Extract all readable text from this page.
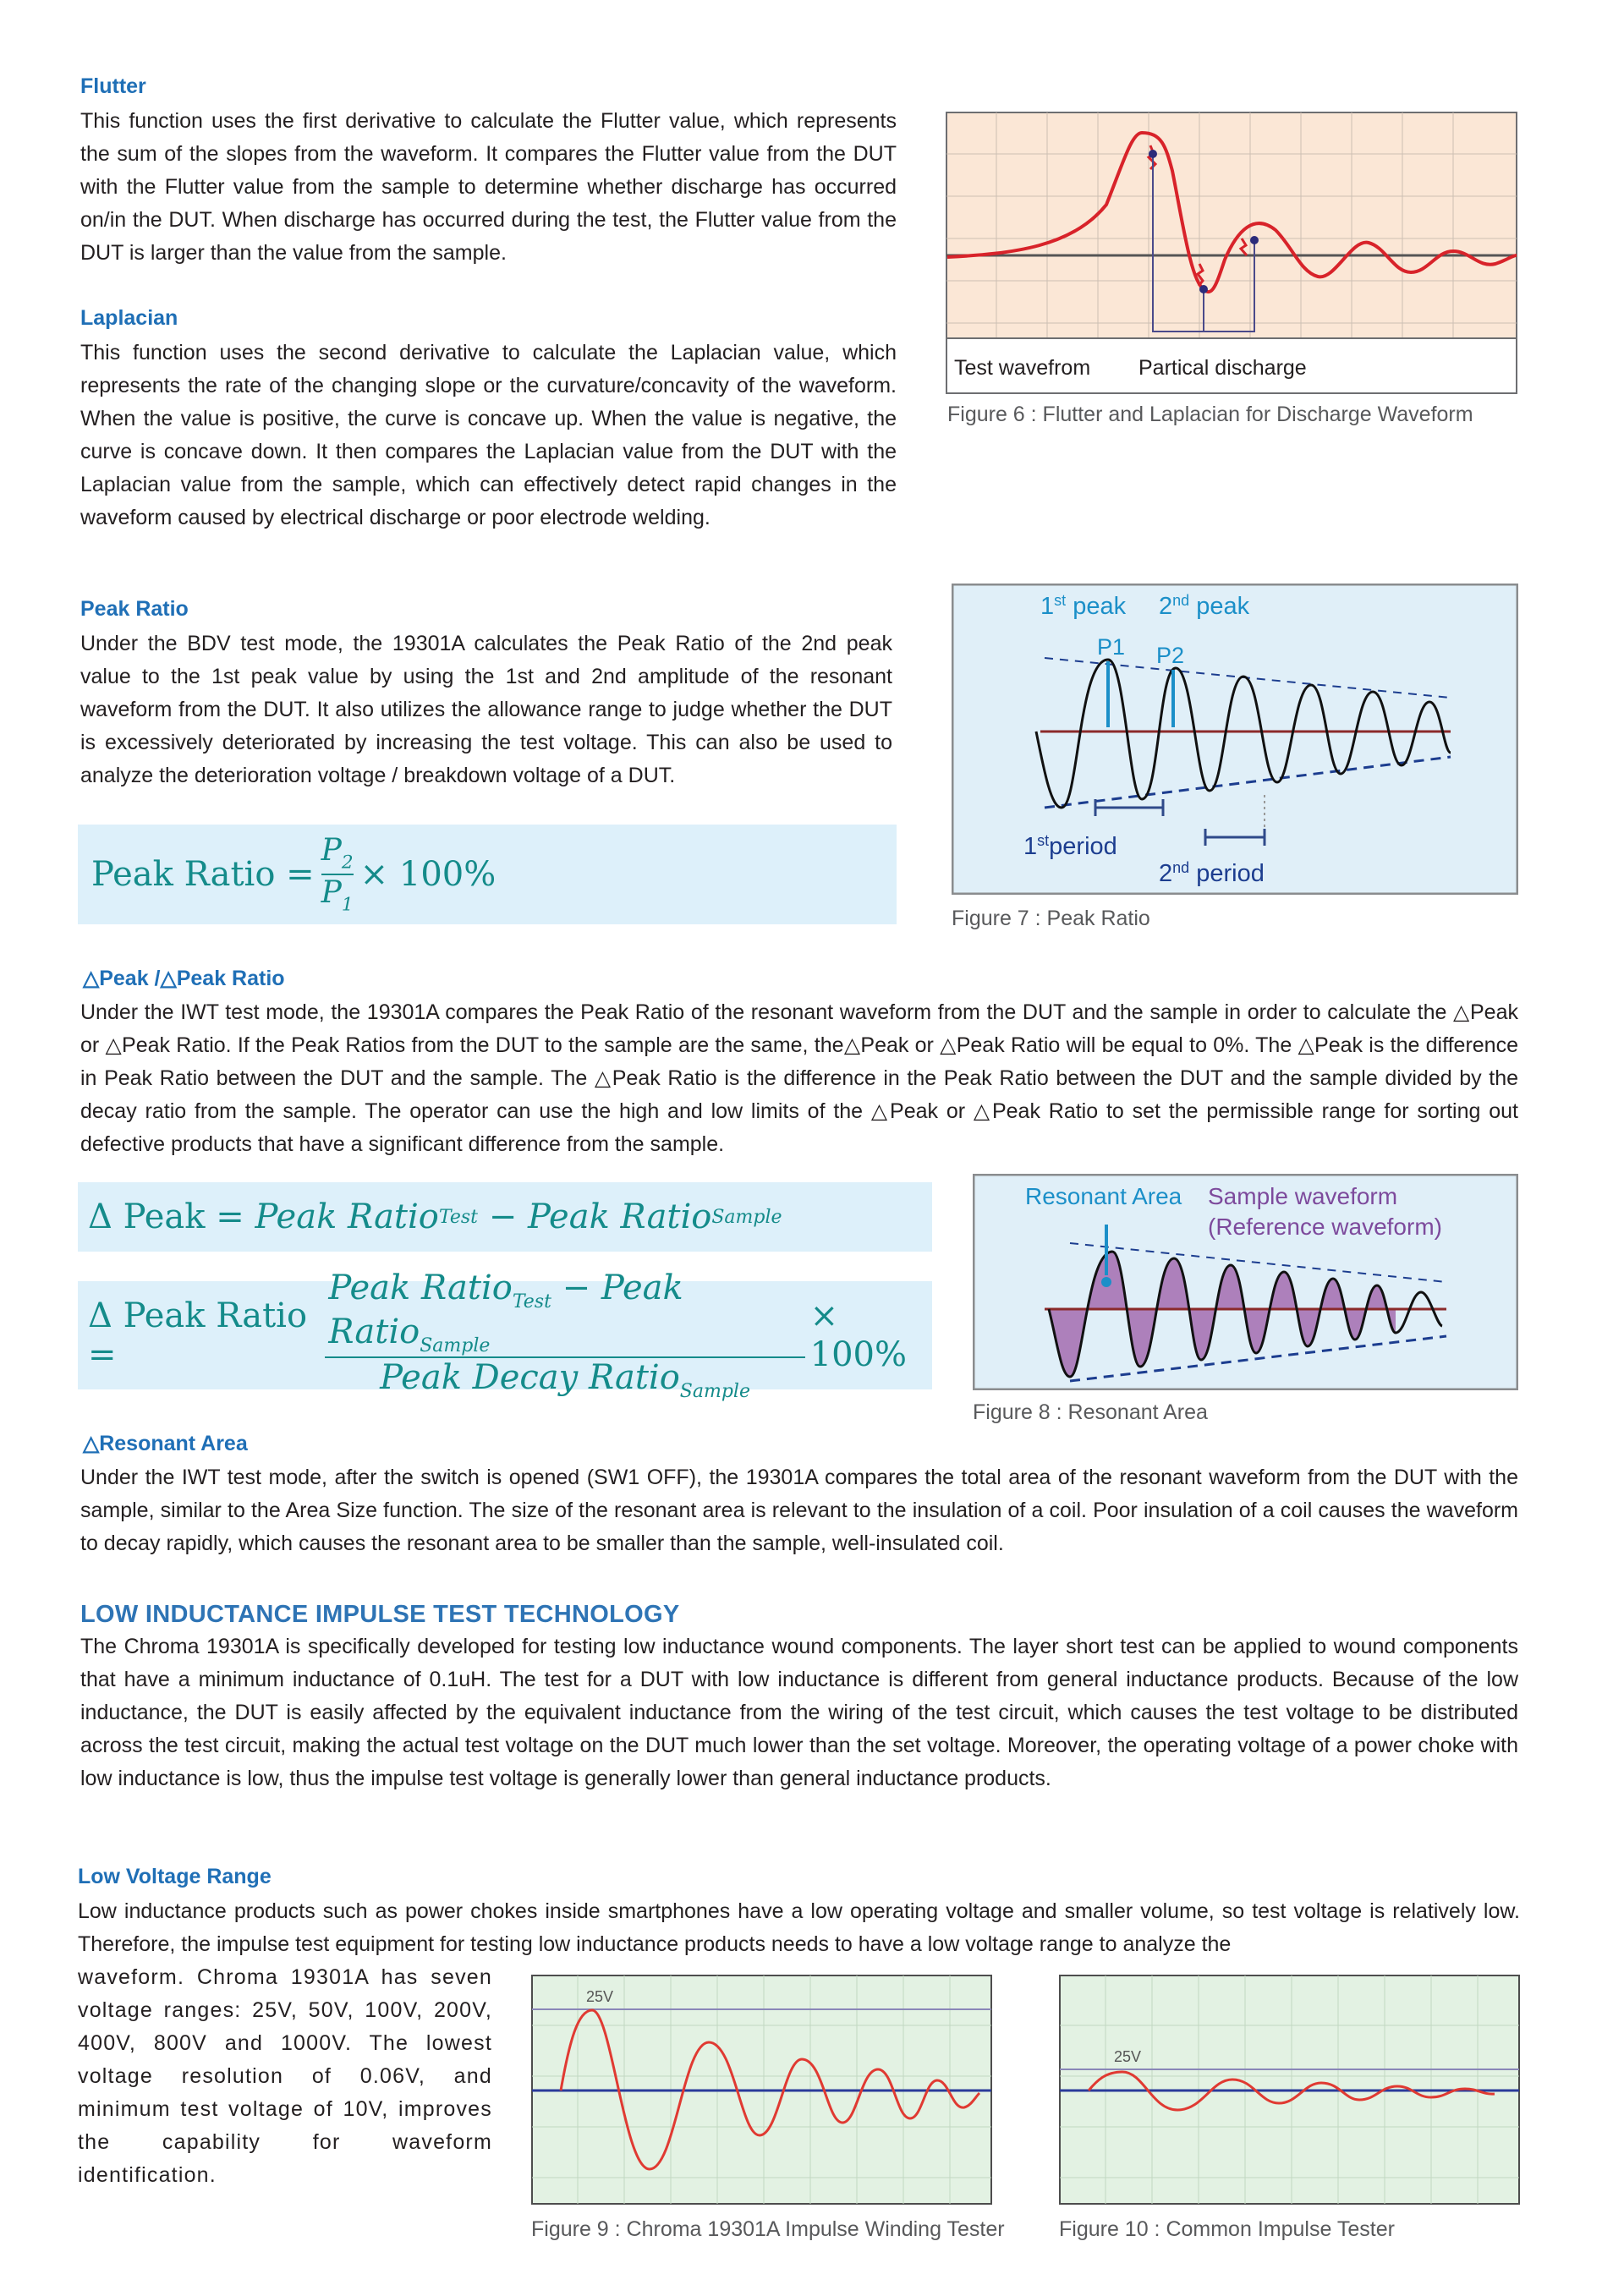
Flutter

This function uses the first derivative to calculate the Flutter value, which represents the sum of the slopes from the waveform. It compares the Flutter value from the DUT with the Flutter value from the sample to determine whether discharge has occurred on/in the DUT. When discharge has occurred during the test, the Flutter value from the DUT is larger than the value from the sample.

Laplacian

This function uses the second derivative to calculate the Laplacian value, which represents the rate of the changing slope or the curvature/concavity of the waveform. When the value is positive, the curve is concave up. When the value is negative, the curve is concave down. It then compares the Laplacian value from the DUT with the Laplacian value from the sample, which can effectively detect rapid changes in the waveform caused by electrical discharge or poor electrode welding.

Peak Ratio

Under the BDV test mode, the 19301A calculates the Peak Ratio of the 2nd peak value to the 1st peak value by using the 1st and 2nd amplitude of the resonant waveform from the DUT. It also utilizes the allowance range to judge whether the DUT is excessively deteriorated by increasing the test voltage. This can also be used to analyze the deterioration voltage / breakdown voltage of a DUT.

Peak Ratio = $\frac{P_2}{P_1} \times 100\%$
Test wavefrom Partical discharge

Figure 6 : Flutter and Laplacian for Discharge Waveform

1st peak 2nd peak
P1 P2
1stperiod
2nd period

Figure 7 : Peak Ratio

△Peak /△Peak Ratio

Under the IWT test mode, the 19301A compares the Peak Ratio of the resonant waveform from the DUT and the sample in order to calculate the △Peak or △Peak Ratio. If the Peak Ratios from the DUT to the sample are the same, the△Peak or △Peak Ratio will be equal to 0%. The △Peak is the difference in Peak Ratio between the DUT and the sample. The △Peak Ratio is the difference in the Peak Ratio between the DUT and the sample divided by the decay ratio from the sample. The operator can use the high and low limits of the △Peak or △Peak Ratio to set the permissible range for sorting out defective products that have a significant difference from the sample.

Δ Peak =
Peak Ratio Test − Peak Ratio Sample
Δ Peak Ratio =	$\frac{Peak Ratio_{Test} - Peak Ratio_{Sample}}{Peak Decay Ratio_{Sample}} \times 100\%$
Resonant Area Sample waveform
(Reference waveform)

Figure 8 : Resonant Area

△Resonant Area

Under the IWT test mode, after the switch is opened (SW1 OFF), the 19301A compares the total area of the resonant waveform from the DUT with the sample, similar to the Area Size function. The size of the resonant area is relevant to the insulation of a coil. Poor insulation of a coil causes the waveform to decay rapidly, which causes the resonant area to be smaller than the sample, well-insulated coil.

LOW INDUCTANCE IMPULSE TEST TECHNOLOGY

The Chroma 19301A is specifically developed for testing low inductance wound components. The layer short test can be applied to wound components that have a minimum inductance of 0.1uH. The test for a DUT with low inductance is different from general inductance products. Because of the low inductance, the DUT is easily affected by the equivalent inductance from the wiring of the test circuit, which causes the test voltage to be distributed across the test circuit, making the actual test voltage on the DUT much lower than the set voltage. Moreover, the operating voltage of a power choke with low inductance is low, thus the impulse test voltage is generally lower than general inductance products.

Low Voltage Range

Low inductance products such as power chokes inside smartphones have a low operating voltage and smaller volume, so test voltage is relatively low. Therefore, the impulse test equipment for testing low inductance products needs to have a low voltage range to analyze the

waveform. Chroma 19301A has seven voltage ranges: 25V, 50V, 100V, 200V, 400V, 800V and 1000V. The lowest voltage resolution of 0.06V, and minimum test voltage of 10V, improves the capability for waveform identification.

25V

Figure 9 : Chroma 19301A Impulse Winding Tester

25V

Figure 10 : Common Impulse Tester
